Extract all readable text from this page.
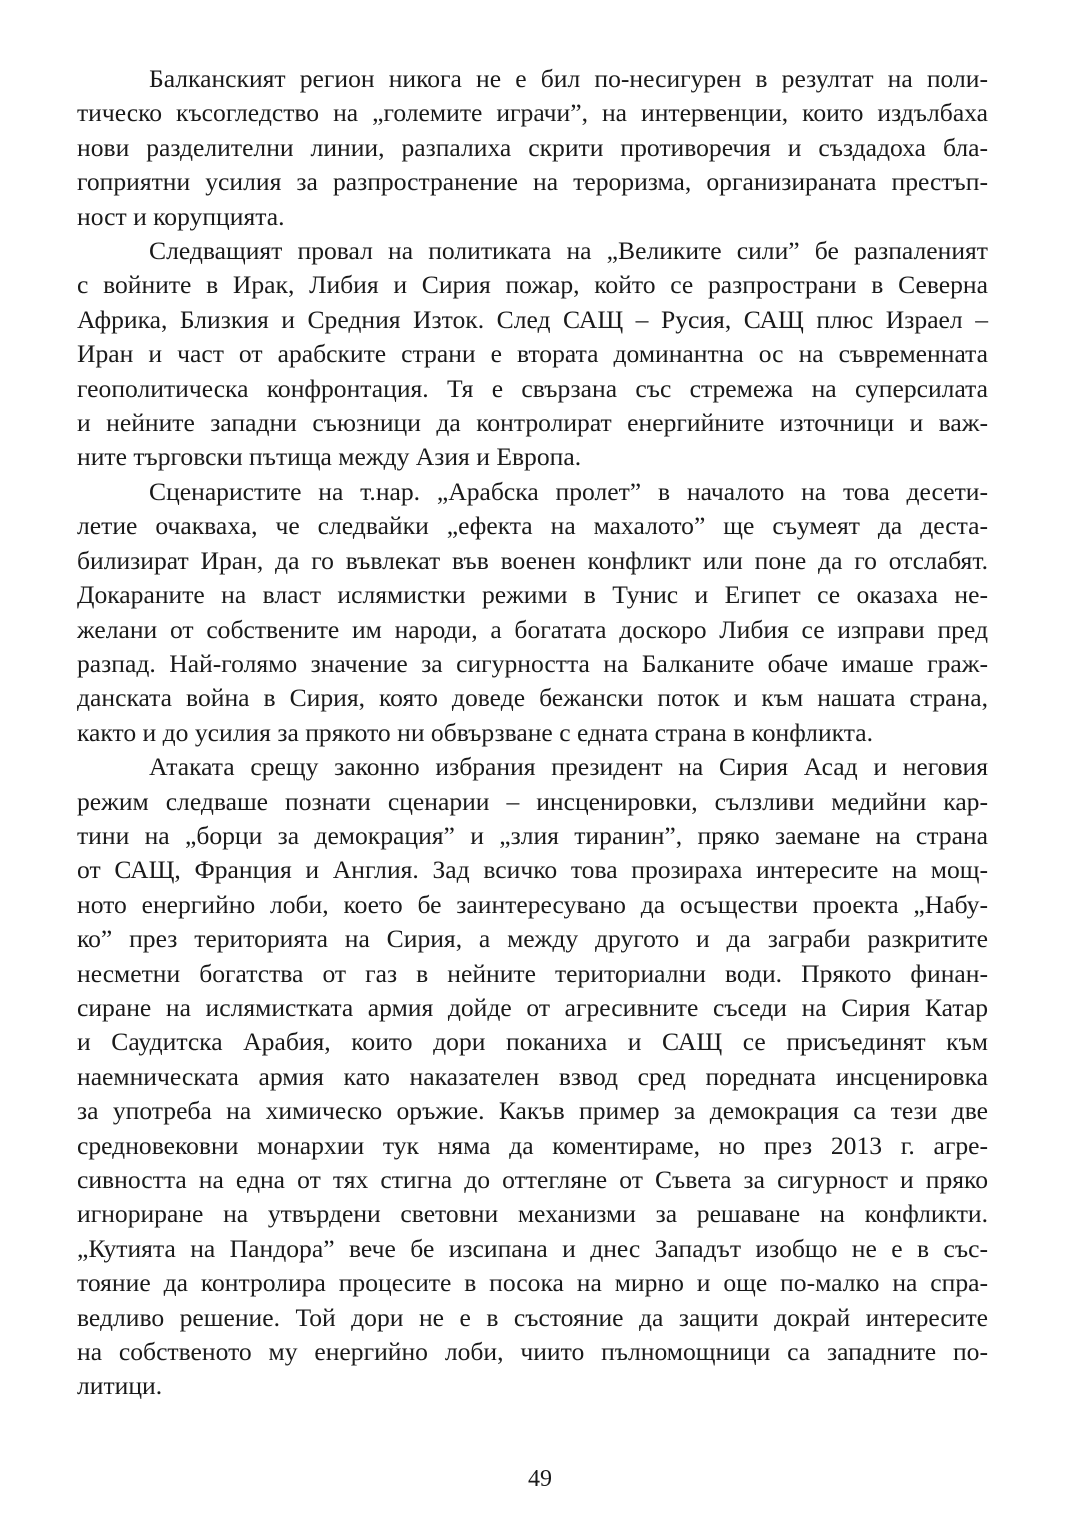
Балканският регион никога не е бил по-несигурен в резултат на поли-
тическо късогледство на „големите играчи”, на интервенции, които издълбаха
нови разделителни линии, разпалиха скрити противоречия и създадоха бла-
гоприятни усилия за разпространение на тероризма, организираната престъп-
ност и корупцията.

Следващият провал на политиката на „Великите сили” бе разпаленият
с войните в Ирак, Либия и Сирия пожар, който се разпространи в Северна
Африка, Близкия и Средния Изток. След САЩ – Русия, САЩ плюс Израел –
Иран и част от арабските страни е втората доминантна ос на съвременната
геополитическа конфронтация. Тя е свързана със стремежа на суперсилата
и нейните западни съюзници да контролират енергийните източници и важ-
ните търговски пътища между Азия и Европа.

Сценаристите на т.нар. „Арабска пролет” в началото на това десети-
летие очакваха, че следвайки „ефекта на махалото” ще съумеят да деста-
билизират Иран, да го въвлекат във военен конфликт или поне да го отслабят.
Докараните на власт ислямистки режими в Тунис и Египет се оказаха не-
желани от собствените им народи, а богатата доскоро Либия се изправи пред
разпад. Най-голямо значение за сигурността на Балканите обаче имаше граж-
данската война в Сирия, която доведе бежански поток и към нашата страна,
както и до усилия за прякото ни обвързване с едната страна в конфликта.

Атаката срещу законно избрания президент на Сирия Асад и неговия
режим следваше познати сценарии – инсценировки, сълзливи медийни кар-
тини на „борци за демокрация” и „злия тиранин”, пряко заемане на страна
от САЩ, Франция и Англия. Зад всичко това прозираха интересите на мощ-
ното енергийно лоби, което бе заинтересувано да осъществи проекта „Набу-
ко” през територията на Сирия, а между другото и да заграби разкритите
несметни богатства от газ в нейните териториални води. Прякото финан-
сиране на ислямистката армия дойде от агресивните съседи на Сирия Катар
и Саудитска Арабия, които дори поканиха и САЩ се присъединят към
наемническата армия като наказателен взвод сред поредната инсценировка
за употреба на химическо оръжие. Какъв пример за демокрация са тези две
средновековни монархии тук няма да коментираме, но през 2013 г. агре-
сивността на една от тях стигна до оттегляне от Съвета за сигурност и пряко
игнориране на утвърдени световни механизми за решаване на конфликти.
„Кутията на Пандора” вече бе изсипана и днес Западът изобщо не е в със-
тояние да контролира процесите в посока на мирно и още по-малко на спра-
ведливо решение. Той дори не е в състояние да защити докрай интересите
на собственото му енергийно лоби, чиито пълномощници са западните по-
литици.

49
